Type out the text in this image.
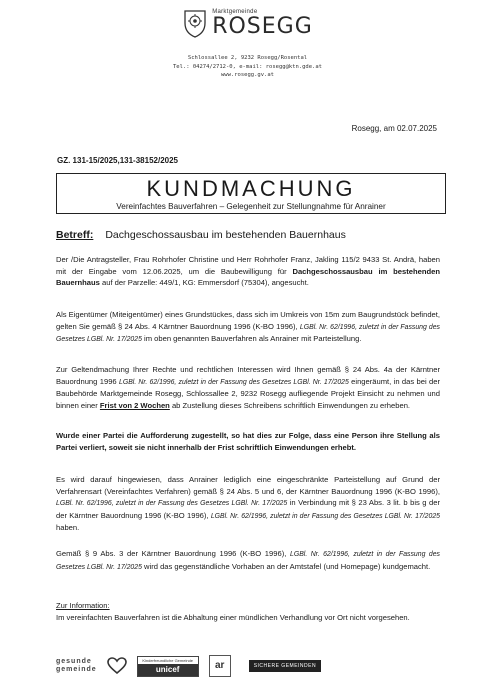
Marktgemeinde
ROSEGG
Schlossallee 2, 9232 Rosegg/Rosental
Tel.: 04274/2712-0, e-mail: rosegg@ktn.gde.at
www.rosegg.gv.at
Rosegg, am 02.07.2025
GZ. 131-15/2025,131-38152/2025
KUNDMACHUNG
Vereinfachtes Bauverfahren – Gelegenheit zur Stellungnahme für Anrainer
Betreff: Dachgeschossausbau im bestehenden Bauernhaus
Der /Die Antragsteller, Frau Rohrhofer Christine und Herr Rohrhofer Franz, Jakling 115/2 9433 St. Andrä, haben mit der Eingabe vom 12.06.2025, um die Baubewilligung für Dachgeschossausbau im bestehenden Bauernhaus auf der Parzelle: 449/1, KG: Emmersdorf (75304), angesucht.
Als Eigentümer (Miteigentümer) eines Grundstückes, dass sich im Umkreis von 15m zum Baugrundstück befindet, gelten Sie gemäß § 24 Abs. 4 Kärntner Bauordnung 1996 (K-BO 1996), LGBl. Nr. 62/1996, zuletzt in der Fassung des Gesetzes LGBl. Nr. 17/2025 im oben genannten Bauverfahren als Anrainer mit Parteistellung.
Zur Geltendmachung Ihrer Rechte und rechtlichen Interessen wird Ihnen gemäß § 24 Abs. 4a der Kärntner Bauordnung 1996 LGBl. Nr. 62/1996, zuletzt in der Fassung des Gesetzes LGBl. Nr. 17/2025 eingeräumt, in das bei der Baubehörde Marktgemeinde Rosegg, Schlossallee 2, 9232 Rosegg aufliegende Projekt Einsicht zu nehmen und binnen einer Frist von 2 Wochen ab Zustellung dieses Schreibens schriftlich Einwendungen zu erheben.
Wurde einer Partei die Aufforderung zugestellt, so hat dies zur Folge, dass eine Person ihre Stellung als Partei verliert, soweit sie nicht innerhalb der Frist schriftlich Einwendungen erhebt.
Es wird darauf hingewiesen, dass Anrainer lediglich eine eingeschränkte Parteistellung auf Grund der Verfahrensart (Vereinfachtes Verfahren) gemäß § 24 Abs. 5 und 6, der Kärntner Bauordnung 1996 (K-BO 1996), LGBl. Nr. 62/1996, zuletzt in der Fassung des Gesetzes LGBl. Nr. 17/2025 in Verbindung mit § 23 Abs. 3 lit. b bis g der der Kärntner Bauordnung 1996 (K-BO 1996), LGBl. Nr. 62/1996, zuletzt in der Fassung des Gesetzes LGBl. Nr. 17/2025 haben.
Gemäß § 9 Abs. 3 der Kärntner Bauordnung 1996 (K-BO 1996), LGBl. Nr. 62/1996, zuletzt in der Fassung des Gesetzes LGBl. Nr. 17/2025 wird das gegenständliche Vorhaben an der Amtstafel (und Homepage) kundgemacht.
Zur Information:
Im vereinfachten Bauverfahren ist die Abhaltung einer mündlichen Verhandlung vor Ort nicht vorgesehen.
gesunde
gemeinde
Kinderfreundliche Gemeinde
unicef	ar	SICHERE GEMEINDEN
